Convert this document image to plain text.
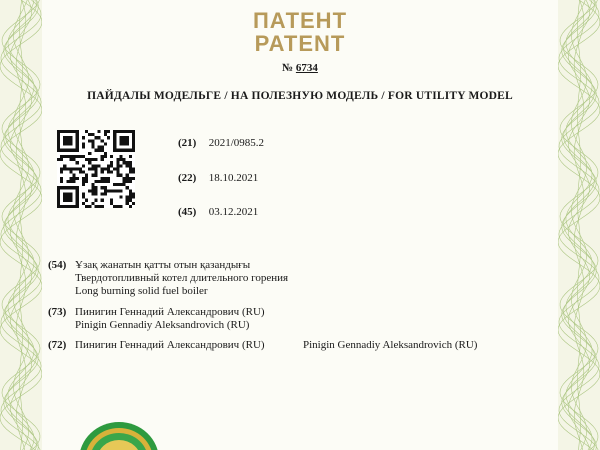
ПАТЕНТ
PATENT
№ 6734
ПАЙДАЛЫ МОДЕЛЬГЕ / НА ПОЛЕЗНУЮ МОДЕЛЬ / FOR UTILITY MODEL
(21) 2021/0985.2
(22) 18.10.2021
(45) 03.12.2021
(54) Ұзақ жанатын қатты отын қазандығы
Твердотопливный котел длительного горения
Long burning solid fuel boiler
(73) Пинигин Геннадий Александрович (RU)
Pinigin Gennadiy Aleksandrovich (RU)
(72) Пинигин Геннадий Александрович (RU)	Pinigin Gennadiy Aleksandrovich (RU)
